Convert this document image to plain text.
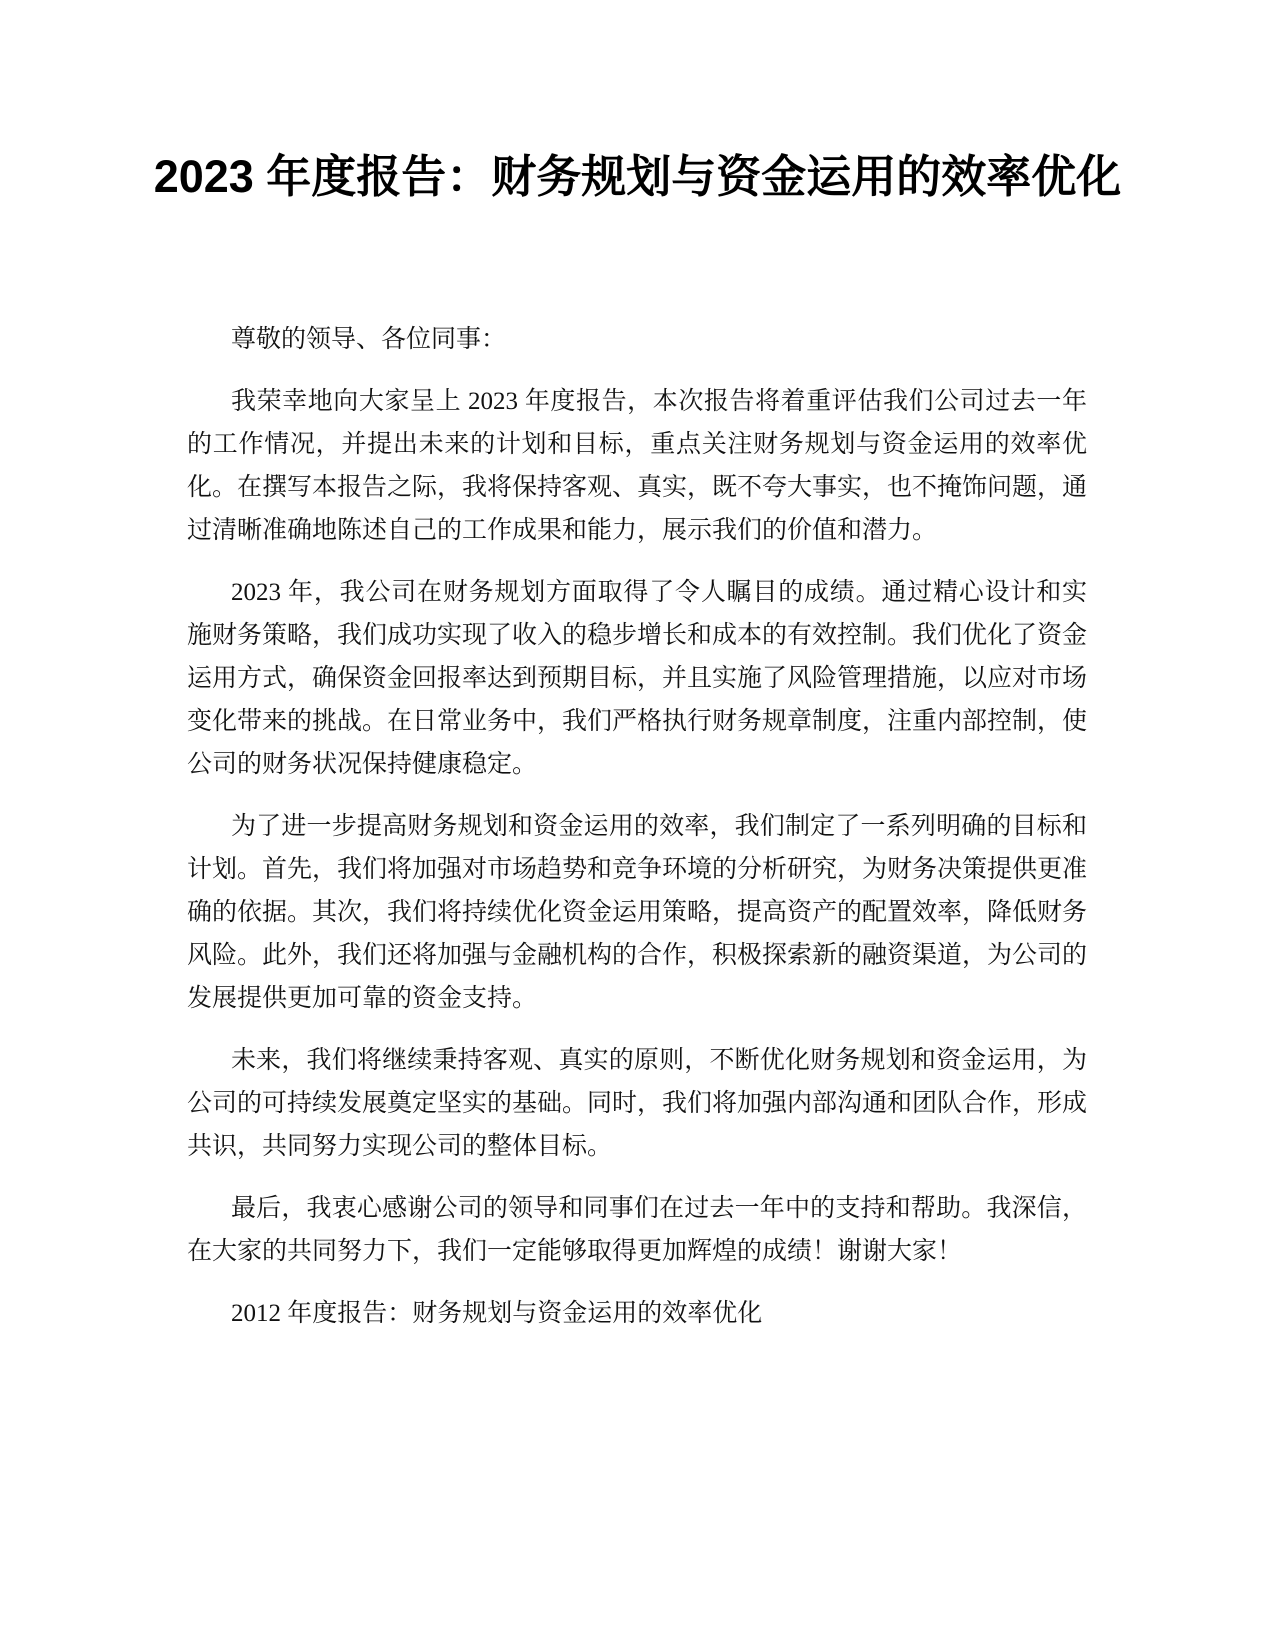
2023 年度报告：财务规划与资金运用的效率优化

尊敬的领导、各位同事：

我荣幸地向大家呈上 2023 年度报告，本次报告将着重评估我们公司过去一年的工作情况，并提出未来的计划和目标，重点关注财务规划与资金运用的效率优化。在撰写本报告之际，我将保持客观、真实，既不夸大事实，也不掩饰问题，通过清晰准确地陈述自己的工作成果和能力，展示我们的价值和潜力。

2023 年，我公司在财务规划方面取得了令人瞩目的成绩。通过精心设计和实施财务策略，我们成功实现了收入的稳步增长和成本的有效控制。我们优化了资金运用方式，确保资金回报率达到预期目标，并且实施了风险管理措施，以应对市场变化带来的挑战。在日常业务中，我们严格执行财务规章制度，注重内部控制，使公司的财务状况保持健康稳定。

为了进一步提高财务规划和资金运用的效率，我们制定了一系列明确的目标和计划。首先，我们将加强对市场趋势和竞争环境的分析研究，为财务决策提供更准确的依据。其次，我们将持续优化资金运用策略，提高资产的配置效率，降低财务风险。此外，我们还将加强与金融机构的合作，积极探索新的融资渠道，为公司的发展提供更加可靠的资金支持。

未来，我们将继续秉持客观、真实的原则，不断优化财务规划和资金运用，为公司的可持续发展奠定坚实的基础。同时，我们将加强内部沟通和团队合作，形成共识，共同努力实现公司的整体目标。

最后，我衷心感谢公司的领导和同事们在过去一年中的支持和帮助。我深信，在大家的共同努力下，我们一定能够取得更加辉煌的成绩！谢谢大家！

2012 年度报告：财务规划与资金运用的效率优化
